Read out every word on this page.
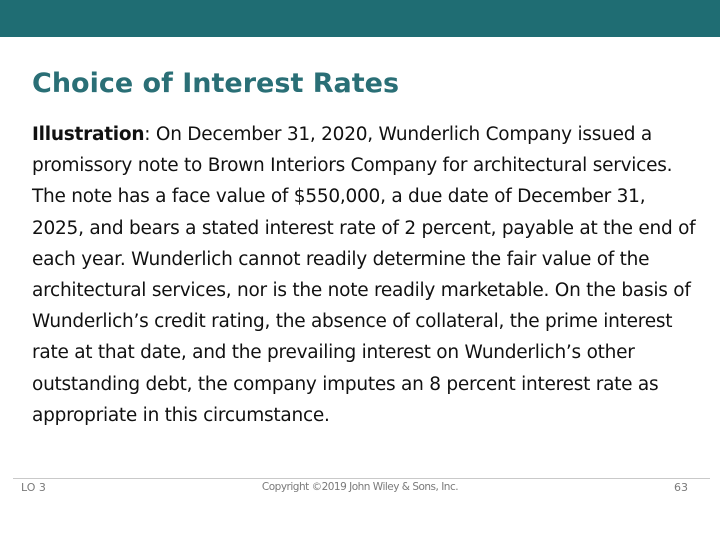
Choice of Interest Rates

Illustration: On December 31, 2020, Wunderlich Company issued a promissory note to Brown Interiors Company for architectural services. The note has a face value of $550,000, a due date of December 31, 2025, and bears a stated interest rate of 2 percent, payable at the end of each year. Wunderlich cannot readily determine the fair value of the architectural services, nor is the note readily marketable. On the basis of Wunderlich’s credit rating, the absence of collateral, the prime interest rate at that date, and the prevailing interest on Wunderlich’s other outstanding debt, the company imputes an 8 percent interest rate as appropriate in this circumstance.

LO 3	Copyright ©2019 John Wiley & Sons, Inc.	63
